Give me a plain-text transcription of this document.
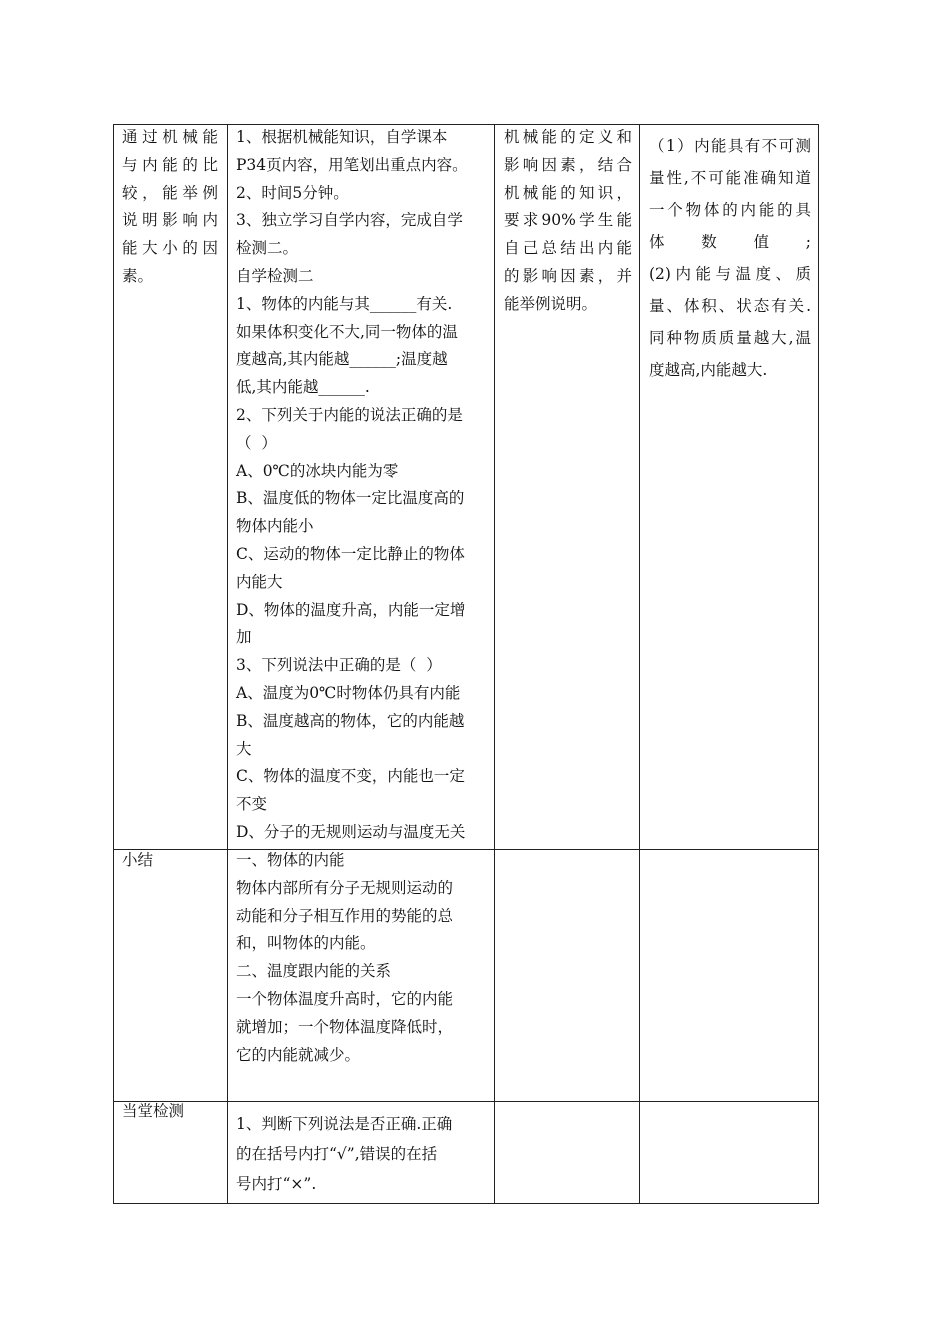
通过机械能

与内能的比

较，能举例

说明影响内

能大小的因

素。

1、根据机械能知识，自学课本

P34页内容，用笔划出重点内容。

2、时间5分钟。

3、独立学习自学内容，完成自学

检测二。

自学检测二

1、物体的内能与其______有关.

如果体积变化不大,同一物体的温

度越高,其内能越______;温度越

低,其内能越______.

2、下列关于内能的说法正确的是

（  ）

A、0℃的冰块内能为零

B、温度低的物体一定比温度高的

物体内能小

C、运动的物体一定比静止的物体

内能大

D、物体的温度升高，内能一定增

加

3、下列说法中正确的是（  ）

A、温度为0℃时物体仍具有内能

B、温度越高的物体，它的内能越

大

C、物体的温度不变，内能也一定

不变

D、分子的无规则运动与温度无关

机械能的定义和

影响因素，结合

机械能的知识，

要求90%学生能

自己总结出内能

的影响因素，并

能举例说明。

（1）内能具有不可测

量性,不可能准确知道

一个物体的内能的具

体数值;

(2)内能与温度、质

量、体积、状态有关.

同种物质质量越大,温

度越高,内能越大.

小结	一、物体的内能

物体内部所有分子无规则运动的

动能和分子相互作用的势能的总

和，叫物体的内能。

二、温度跟内能的关系

一个物体温度升高时，它的内能

就增加；一个物体温度降低时，

它的内能就减少。

当堂检测

1、判断下列说法是否正确.正确

的在括号内打“√”,错误的在括

号内打“×”.
